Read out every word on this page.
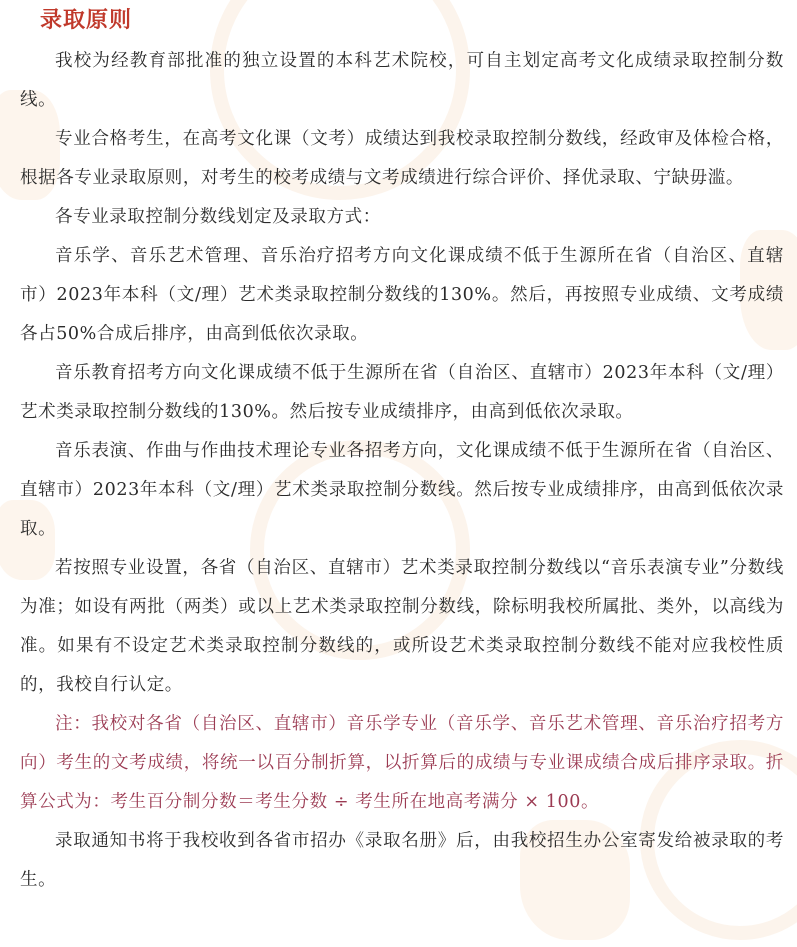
录取原则

我校为经教育部批准的独立设置的本科艺术院校，可自主划定高考文化成绩录取控制分数线。

专业合格考生，在高考文化课（文考）成绩达到我校录取控制分数线，经政审及体检合格，根据各专业录取原则，对考生的校考成绩与文考成绩进行综合评价、择优录取、宁缺毋滥。

各专业录取控制分数线划定及录取方式：

音乐学、音乐艺术管理、音乐治疗招考方向文化课成绩不低于生源所在省（自治区、直辖市）2023年本科（文/理）艺术类录取控制分数线的130%。然后，再按照专业成绩、文考成绩各占50%合成后排序，由高到低依次录取。

音乐教育招考方向文化课成绩不低于生源所在省（自治区、直辖市）2023年本科（文/理）艺术类录取控制分数线的130%。然后按专业成绩排序，由高到低依次录取。

音乐表演、作曲与作曲技术理论专业各招考方向，文化课成绩不低于生源所在省（自治区、直辖市）2023年本科（文/理）艺术类录取控制分数线。然后按专业成绩排序，由高到低依次录取。

若按照专业设置，各省（自治区、直辖市）艺术类录取控制分数线以“音乐表演专业”分数线为准；如设有两批（两类）或以上艺术类录取控制分数线，除标明我校所属批、类外，以高线为准。如果有不设定艺术类录取控制分数线的，或所设艺术类录取控制分数线不能对应我校性质的，我校自行认定。

注：我校对各省（自治区、直辖市）音乐学专业（音乐学、音乐艺术管理、音乐治疗招考方向）考生的文考成绩，将统一以百分制折算，以折算后的成绩与专业课成绩合成后排序录取。折算公式为：考生百分制分数＝考生分数 ÷ 考生所在地高考满分 × 100。

录取通知书将于我校收到各省市招办《录取名册》后，由我校招生办公室寄发给被录取的考生。
